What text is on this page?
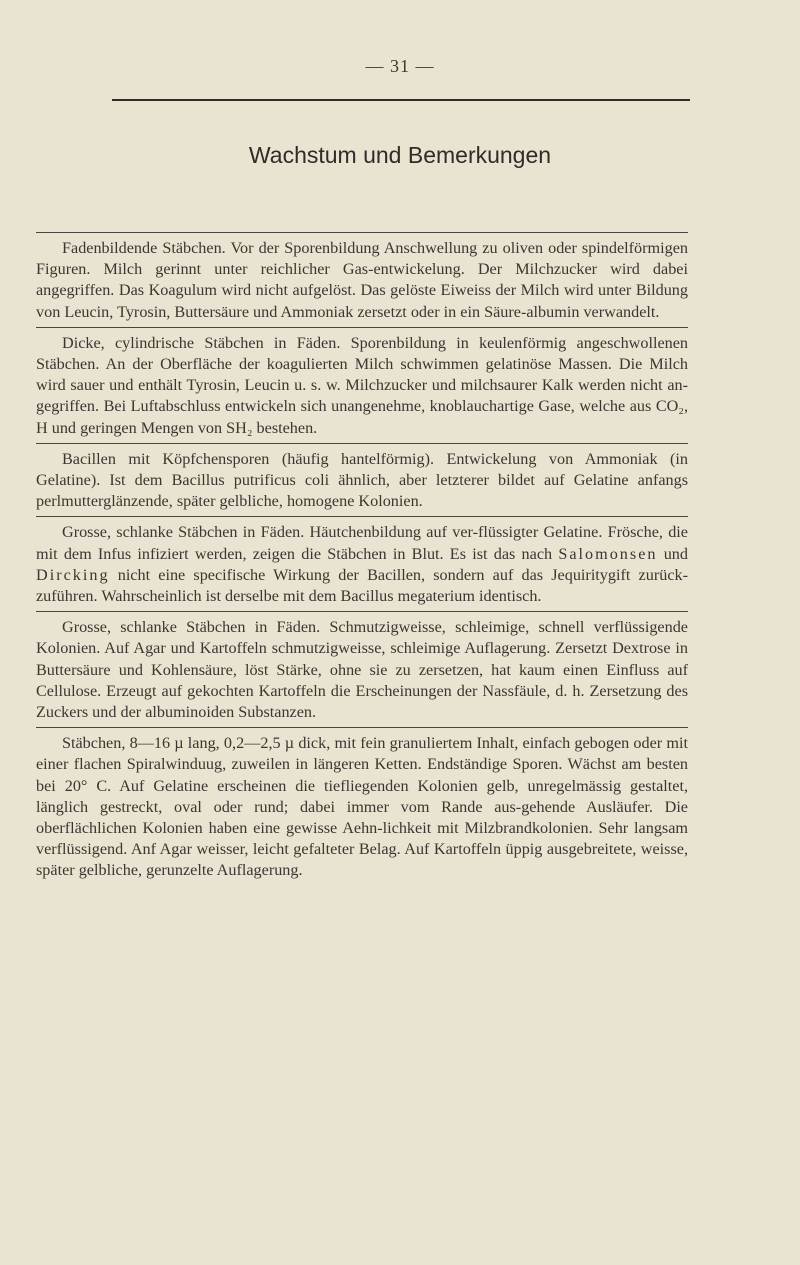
— 31 —
Wachstum und Bemerkungen

Fadenbildende Stäbchen. Vor der Sporenbildung Anschwellung zu oliven oder spindelförmigen Figuren. Milch gerinnt unter reichlicher Gas-entwickelung. Der Milchzucker wird dabei angegriffen. Das Koagulum wird nicht aufgelöst. Das gelöste Eiweiss der Milch wird unter Bildung von Leucin, Tyrosin, Buttersäure und Ammoniak zersetzt oder in ein Säure-albumin verwandelt.

Dicke, cylindrische Stäbchen in Fäden. Sporenbildung in keulenförmig angeschwollenen Stäbchen. An der Oberfläche der koagulierten Milch schwimmen gelatinöse Massen. Die Milch wird sauer und enthält Tyrosin, Leucin u. s. w. Milchzucker und milchsaurer Kalk werden nicht an-gegriffen. Bei Luftabschluss entwickeln sich unangenehme, knoblauchartige Gase, welche aus CO₂, H und geringen Mengen von SH₂ bestehen.

Bacillen mit Köpfchensporen (häufig hantelförmig). Entwickelung von Ammoniak (in Gelatine). Ist dem Bacillus putrificus coli ähnlich, aber letzterer bildet auf Gelatine anfangs perlmutterglänzende, später gelbliche, homogene Kolonien.

Grosse, schlanke Stäbchen in Fäden. Häutchenbildung auf ver-flüssigter Gelatine. Frösche, die mit dem Infus infiziert werden, zeigen die Stäbchen in Blut. Es ist das nach Salomonsen und Dircking nicht eine specifische Wirkung der Bacillen, sondern auf das Jequiritygift zurück-zuführen. Wahrscheinlich ist derselbe mit dem Bacillus megaterium identisch.

Grosse, schlanke Stäbchen in Fäden. Schmutzigweisse, schleimige, schnell verflüssigende Kolonien. Auf Agar und Kartoffeln schmutzigweisse, schleimige Auflagerung. Zersetzt Dextrose in Buttersäure und Kohlensäure, löst Stärke, ohne sie zu zersetzen, hat kaum einen Einfluss auf Cellulose. Erzeugt auf gekochten Kartoffeln die Erscheinungen der Nassfäule, d. h. Zersetzung des Zuckers und der albuminoiden Substanzen.

Stäbchen, 8—16 µ lang, 0,2—2,5 µ dick, mit fein granuliertem Inhalt, einfach gebogen oder mit einer flachen Spiralwinduug, zuweilen in längeren Ketten. Endständige Sporen. Wächst am besten bei 20° C. Auf Gelatine erscheinen die tiefliegenden Kolonien gelb, unregelmässig gestaltet, länglich gestreckt, oval oder rund; dabei immer vom Rande aus-gehende Ausläufer. Die oberflächlichen Kolonien haben eine gewisse Aehn-lichkeit mit Milzbrandkolonien. Sehr langsam verflüssigend. Anf Agar weisser, leicht gefalteter Belag. Auf Kartoffeln üppig ausgebreitete, weisse, später gelbliche, gerunzelte Auflagerung.
